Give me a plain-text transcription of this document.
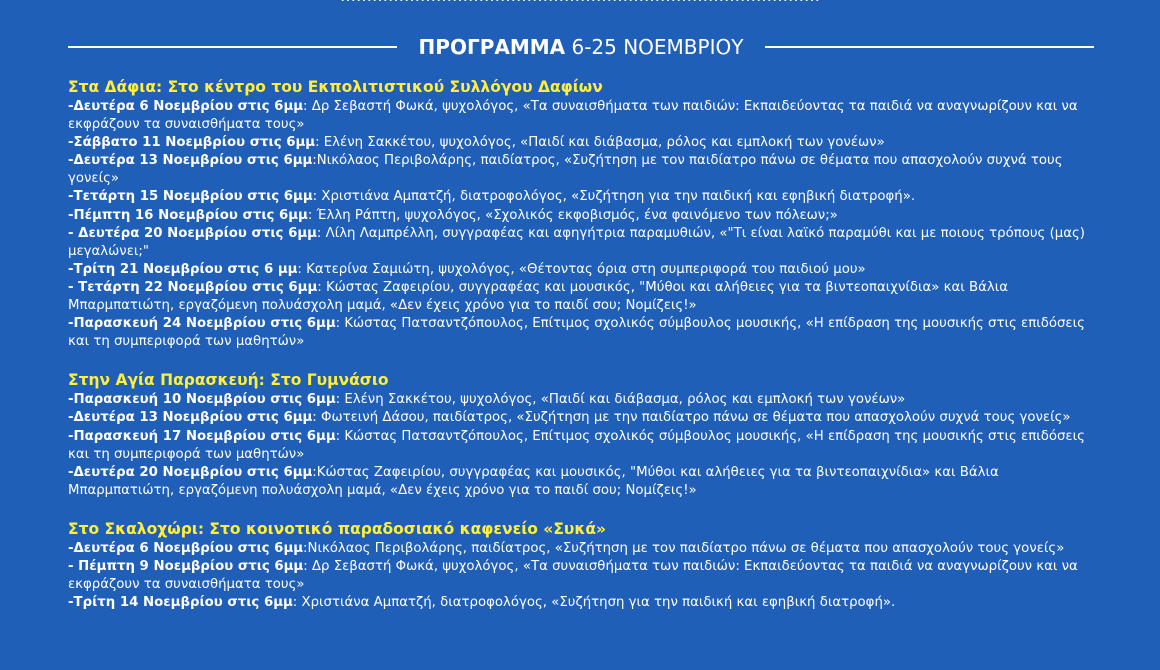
ΠΡΟΓΡΑΜΜΑ 6-25 ΝΟΕΜΒΡΙΟΥ
Στα Δάφια: Στο κέντρο του Εκπολιτιστικού Συλλόγου Δαφίων
-Δευτέρα 6 Νοεμβρίου στις 6μμ: Δρ Σεβαστή Φωκά, ψυχολόγος, «Τα συναισθήματα των παιδιών: Εκπαιδεύοντας τα παιδιά να αναγνωρίζουν και να εκφράζουν τα συναισθήματα τους»
-Σάββατο 11 Νοεμβρίου στις 6μμ: Ελένη Σακκέτου, ψυχολόγος, «Παιδί και διάβασμα, ρόλος και εμπλοκή των γονέων»
-Δευτέρα 13 Νοεμβρίου στις 6μμ:Νικόλαος Περιβολάρης, παιδίατρος, «Συζήτηση με τον παιδίατρο πάνω σε θέματα που απασχολούν συχνά τους γονείς»
-Τετάρτη 15 Νοεμβρίου στις 6μμ: Χριστιάνα Αμπατζή, διατροφολόγος, «Συζήτηση για την παιδική και εφηβική διατροφή».
-Πέμπτη 16 Νοεμβρίου στις 6μμ: Έλλη Ράπτη, ψυχολόγος, «Σχολικός εκφοβισμός, ένα φαινόμενο των πόλεων;»
- Δευτέρα 20 Νοεμβρίου στις 6μμ: Λίλη Λαμπρέλλη, συγγραφέας και αφηγήτρια παραμυθιών, «"Τι είναι λαϊκό παραμύθι και με ποιους τρόπους (μας) μεγαλώνει;"
-Τρίτη 21 Νοεμβρίου στις 6 μμ: Κατερίνα Σαμιώτη, ψυχολόγος, «Θέτοντας όρια στη συμπεριφορά του παιδιού μου»
- Τετάρτη 22 Νοεμβρίου στις 6μμ: Κώστας Ζαφειρίου, συγγραφέας και μουσικός, "Μύθοι και αλήθειες για τα βιντεοπαιχνίδια» και Βάλια Μπαρμπατιώτη, εργαζόμενη πολυάσχολη μαμά, «Δεν έχεις χρόνο για το παιδί σου; Νομίζεις!»
-Παρασκευή 24 Νοεμβρίου στις 6μμ: Κώστας Πατσαντζόπουλος, Επίτιμος σχολικός σύμβουλος μουσικής, «Η επίδραση της μουσικής στις επιδόσεις και τη συμπεριφορά των μαθητών»
Στην Αγία Παρασκευή: Στο Γυμνάσιο
-Παρασκευή 10 Νοεμβρίου στις 6μμ: Ελένη Σακκέτου, ψυχολόγος, «Παιδί και διάβασμα, ρόλος και εμπλοκή των γονέων»
-Δευτέρα 13 Νοεμβρίου στις 6μμ: Φωτεινή Δάσου, παιδίατρος, «Συζήτηση με την παιδίατρο πάνω σε θέματα που απασχολούν συχνά τους γονείς»
-Παρασκευή 17 Νοεμβρίου στις 6μμ: Κώστας Πατσαντζόπουλος, Επίτιμος σχολικός σύμβουλος μουσικής, «Η επίδραση της μουσικής στις επιδόσεις και τη συμπεριφορά των μαθητών»
-Δευτέρα 20 Νοεμβρίου στις 6μμ:Κώστας Ζαφειρίου, συγγραφέας και μουσικός, "Μύθοι και αλήθειες για τα βιντεοπαιχνίδια» και Βάλια Μπαρμπατιώτη, εργαζόμενη πολυάσχολη μαμά, «Δεν έχεις χρόνο για το παιδί σου; Νομίζεις!»
Στο Σκαλοχώρι: Στο κοινοτικό παραδοσιακό καφενείο «Συκά»
-Δευτέρα 6 Νοεμβρίου στις 6μμ:Νικόλαος Περιβολάρης, παιδίατρος, «Συζήτηση με τον παιδίατρο πάνω σε θέματα που απασχολούν τους γονείς»
- Πέμπτη 9 Νοεμβρίου στις 6μμ: Δρ Σεβαστή Φωκά, ψυχολόγος, «Τα συναισθήματα των παιδιών: Εκπαιδεύοντας τα παιδιά να αναγνωρίζουν και να εκφράζουν τα συναισθήματα τους»
-Τρίτη 14 Νοεμβρίου στις 6μμ: Χριστιάνα Αμπατζή, διατροφολόγος, «Συζήτηση για την παιδική και εφηβική διατροφή».
